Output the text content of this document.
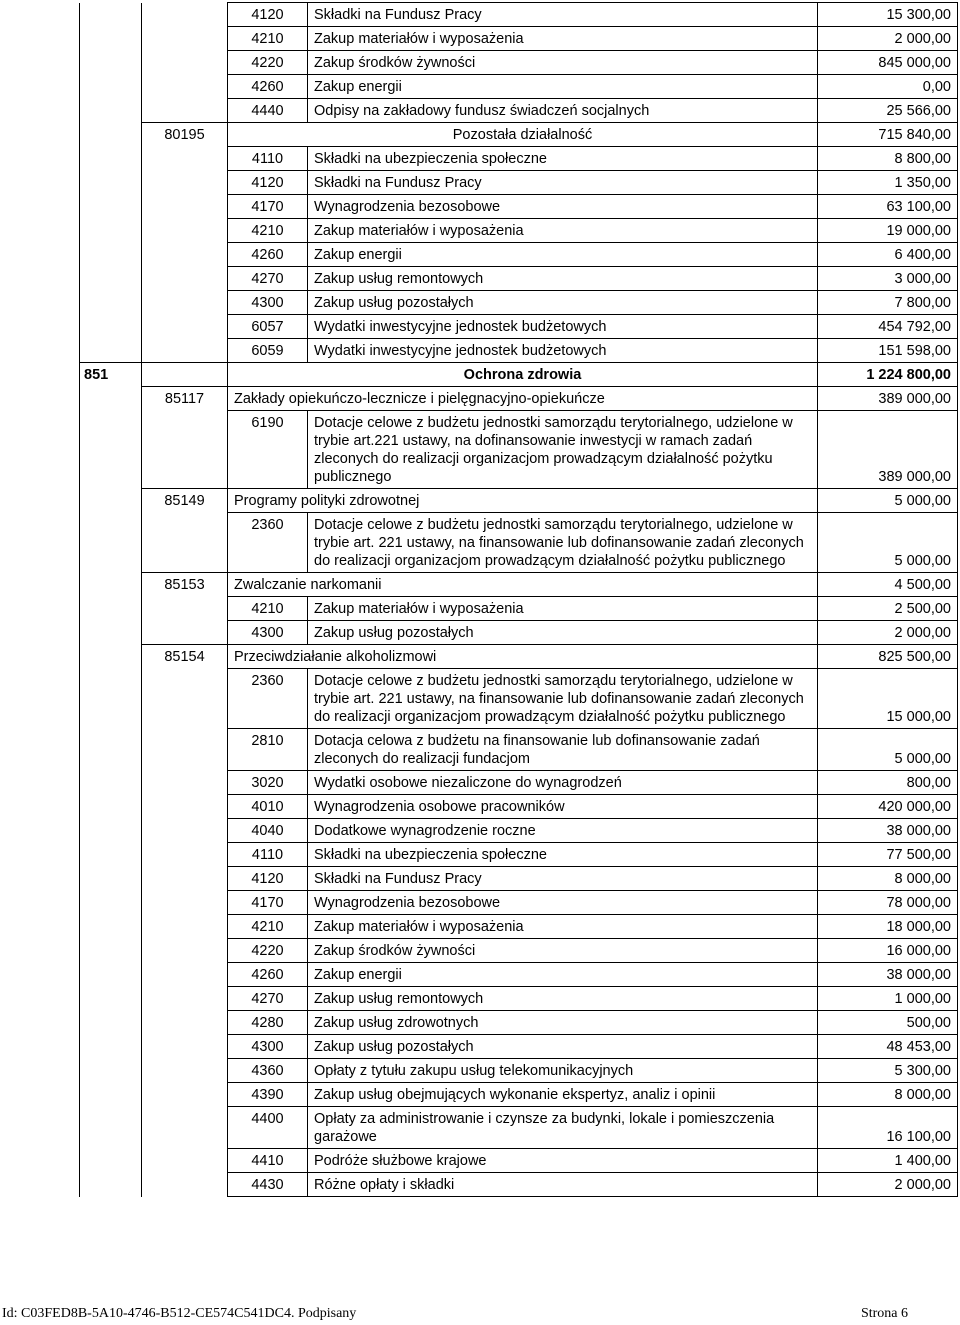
		4120	Składki na Fundusz Pracy	15 300,00
		4210	Zakup materiałów i wyposażenia	2 000,00
		4220	Zakup środków żywności	845 000,00
		4260	Zakup energii	0,00
		4440	Odpisy na zakładowy fundusz świadczeń socjalnych	25 566,00
	80195	Pozostała działalność		715 840,00
		4110	Składki na ubezpieczenia społeczne	8 800,00
		4120	Składki na Fundusz Pracy	1 350,00
		4170	Wynagrodzenia bezosobowe	63 100,00
		4210	Zakup materiałów i wyposażenia	19 000,00
		4260	Zakup energii	6 400,00
		4270	Zakup usług remontowych	3 000,00
		4300	Zakup usług pozostałych	7 800,00
		6057	Wydatki inwestycyjne jednostek budżetowych	454 792,00
		6059	Wydatki inwestycyjne jednostek budżetowych	151 598,00
851		Ochrona zdrowia		1 224 800,00
	85117	Zakłady opiekuńczo-lecznicze i pielęgnacyjno-opiekuńcze		389 000,00
		6190	Dotacje celowe z budżetu jednostki samorządu terytorialnego, udzielone w trybie art.221 ustawy, na dofinansowanie inwestycji w ramach zadań zleconych do realizacji organizacjom prowadzącym działalność pożytku publicznego	389 000,00
	85149	Programy polityki zdrowotnej		5 000,00
		2360	Dotacje celowe z budżetu jednostki samorządu terytorialnego, udzielone w trybie art. 221 ustawy, na finansowanie lub dofinansowanie zadań zleconych do realizacji organizacjom prowadzącym działalność pożytku publicznego	5 000,00
	85153	Zwalczanie narkomanii		4 500,00
		4210	Zakup materiałów i wyposażenia	2 500,00
		4300	Zakup usług pozostałych	2 000,00
	85154	Przeciwdziałanie alkoholizmowi		825 500,00
		2360	Dotacje celowe z budżetu jednostki samorządu terytorialnego, udzielone w trybie art. 221 ustawy, na finansowanie lub dofinansowanie zadań zleconych do realizacji organizacjom prowadzącym działalność pożytku publicznego	15 000,00
		2810	Dotacja celowa z budżetu na finansowanie lub dofinansowanie zadań zleconych do realizacji fundacjom	5 000,00
		3020	Wydatki osobowe niezaliczone do wynagrodzeń	800,00
		4010	Wynagrodzenia osobowe pracowników	420 000,00
		4040	Dodatkowe wynagrodzenie roczne	38 000,00
		4110	Składki na ubezpieczenia społeczne	77 500,00
		4120	Składki na Fundusz Pracy	8 000,00
		4170	Wynagrodzenia bezosobowe	78 000,00
		4210	Zakup materiałów i wyposażenia	18 000,00
		4220	Zakup środków żywności	16 000,00
		4260	Zakup energii	38 000,00
		4270	Zakup usług remontowych	1 000,00
		4280	Zakup usług zdrowotnych	500,00
		4300	Zakup usług pozostałych	48 453,00
		4360	Opłaty z tytułu zakupu usług telekomunikacyjnych	5 300,00
		4390	Zakup usług obejmujących wykonanie ekspertyz, analiz i opinii	8 000,00
		4400	Opłaty za administrowanie i czynsze za budynki, lokale i pomieszczenia garażowe	16 100,00
		4410	Podróże służbowe krajowe	1 400,00
		4430	Różne opłaty i składki	2 000,00
Id: C03FED8B-5A10-4746-B512-CE574C541DC4. Podpisany	Strona 6
